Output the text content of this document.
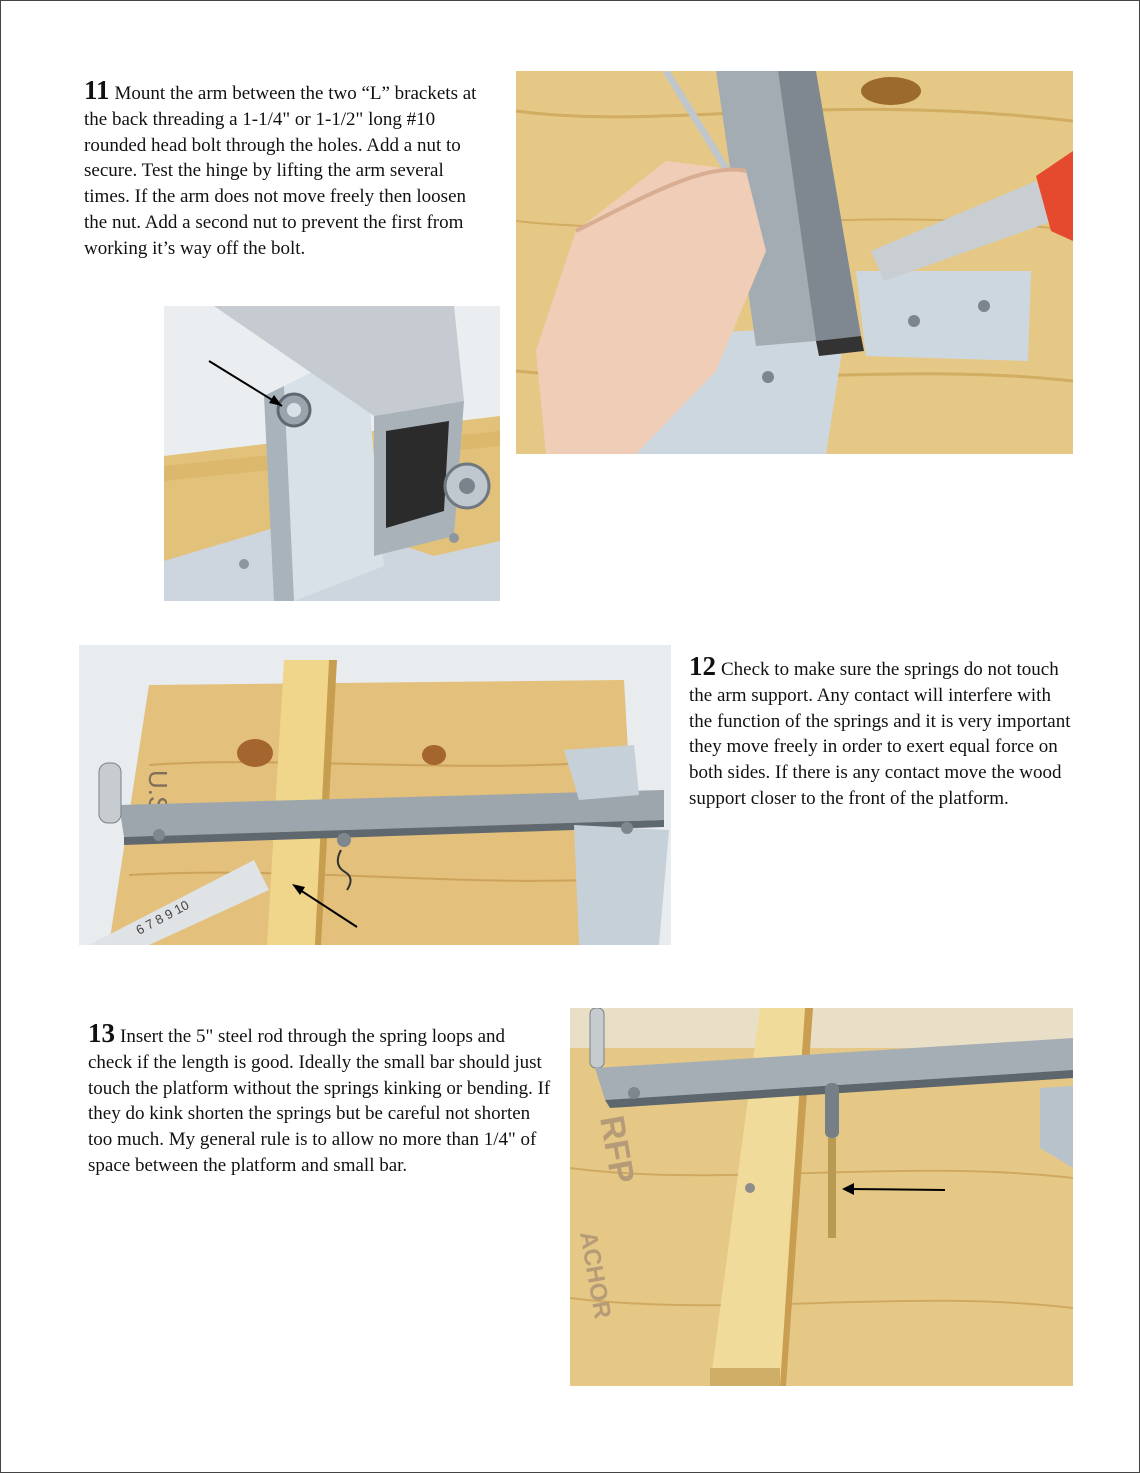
11 Mount the arm between the two “L” brackets at the back threading a 1-1/4" or 1-1/2" long #10 rounded head bolt through the holes. Add a nut to secure. Test the hinge by lifting the arm several times. If the arm does not move freely then loosen the nut. Add a second nut to prevent the first from working it’s way off the bolt.
6 7 8 9 10
12 Check to make sure the springs do not touch the arm support. Any contact will interfere with the function of the springs and it is very important they move freely in order to exert equal force on both sides. If there is any contact move the wood support closer to the front of the platform.
13 Insert the 5" steel rod through the spring loops and check if the length is good. Ideally the small bar should just touch the platform without the springs kinking or bending. If they do kink shorten the springs but be careful not shorten too much. My general rule is to allow no more than 1/4" of space between the platform and small bar.	RFP
ACHOR
